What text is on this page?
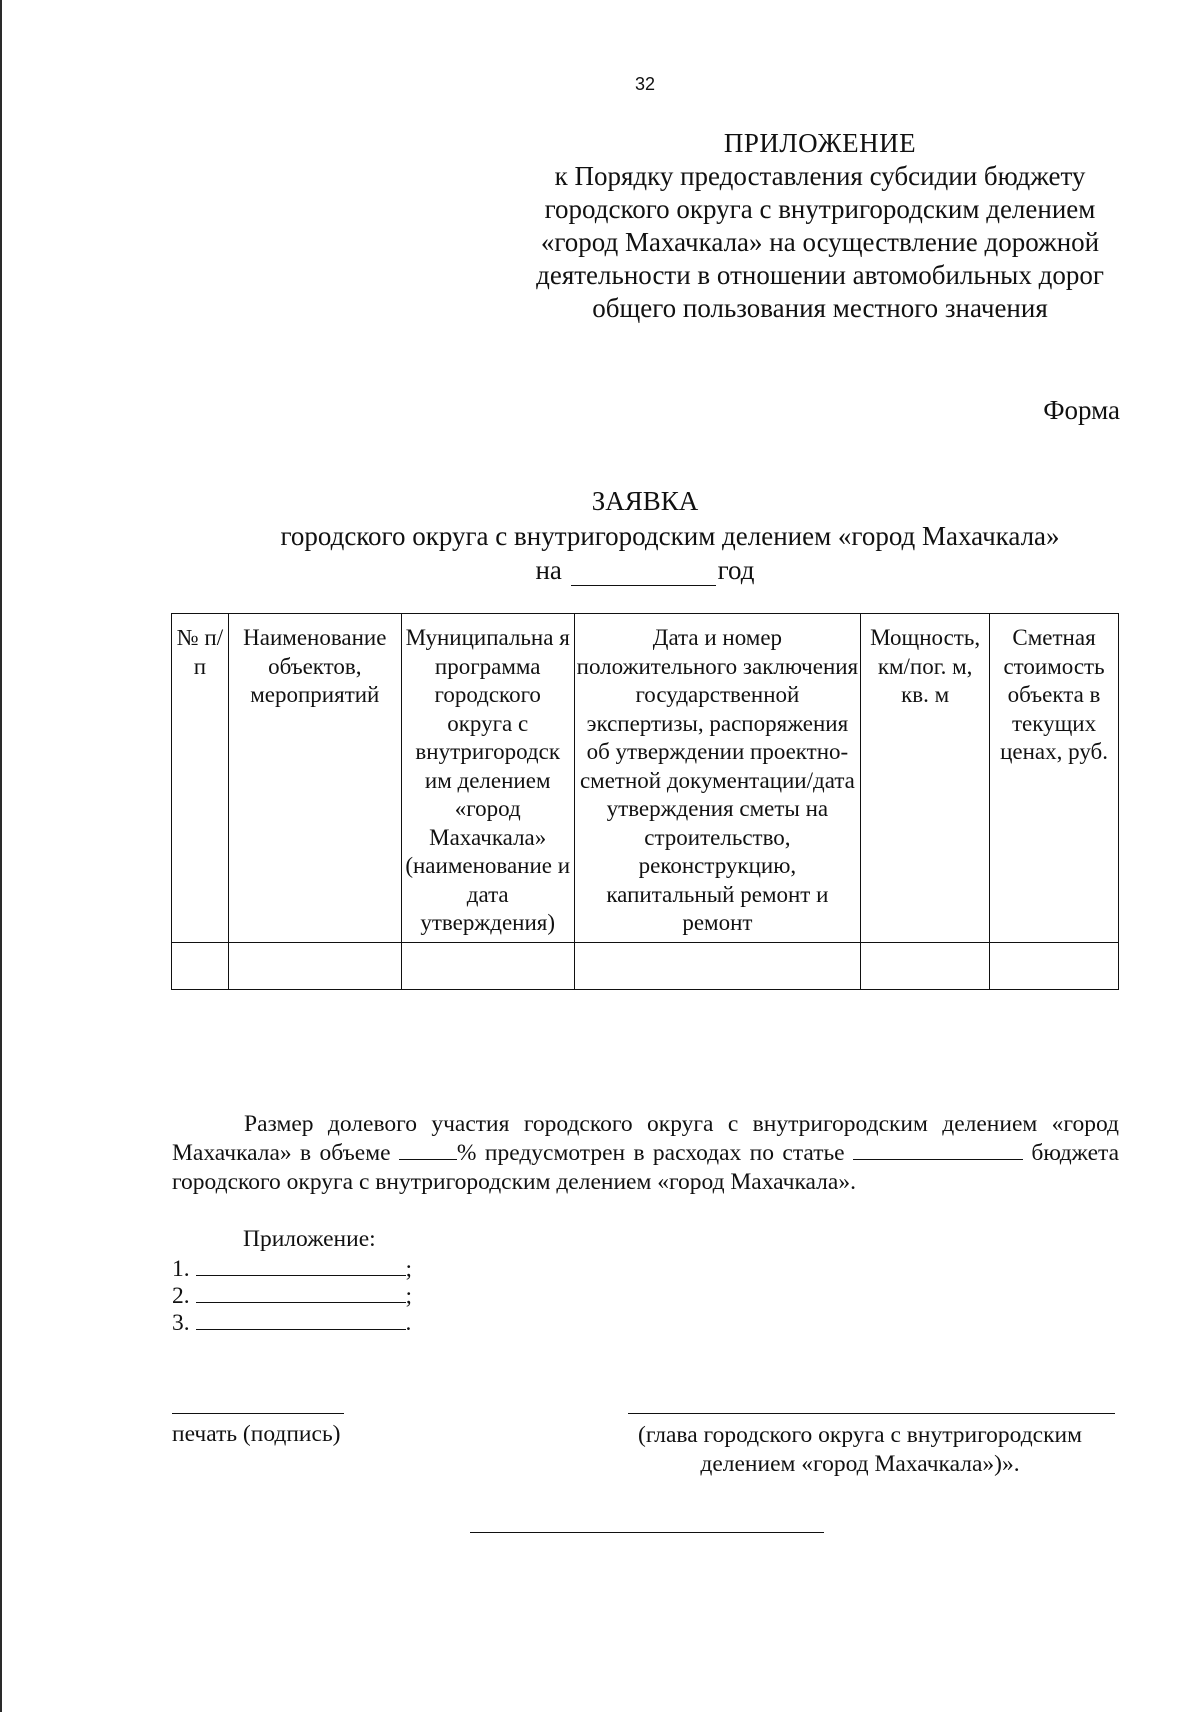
32
ПРИЛОЖЕНИЕ
к Порядку предоставления субсидии бюджету
городского округа с внутригородским делением
«город Махачкала» на осуществление дорожной
деятельности в отношении автомобильных дорог
общего пользования местного значения
Форма
ЗАЯВКА
городского округа с внутригородским делением «город Махачкала»
на	год
№ п/п	Наименование объектов, мероприятий	Муниципальна я программа городского округа с внутригородск им делением «город Махачкала» (наименование и дата утверждения)	Дата и номер положительного заключения государственной экспертизы, распоряжения об утверждении проектно-сметной документации/дата утверждения сметы на строительство, реконструкцию, капитальный ремонт и ремонт	Мощность, км/пог. м, кв. м	Сметная стоимость объекта в текущих ценах, руб.

Размер долевого участия городского округа с внутригородским делением «город Махачкала» в объеме % предусмотрен в расходах по статье	бюджета городского округа с внутригородским делением «город Махачкала».
Приложение:
1.	;
2.	;
3.	.
печать (подпись)	(глава городского округа с внутригородским делением «город Махачкала»)».
